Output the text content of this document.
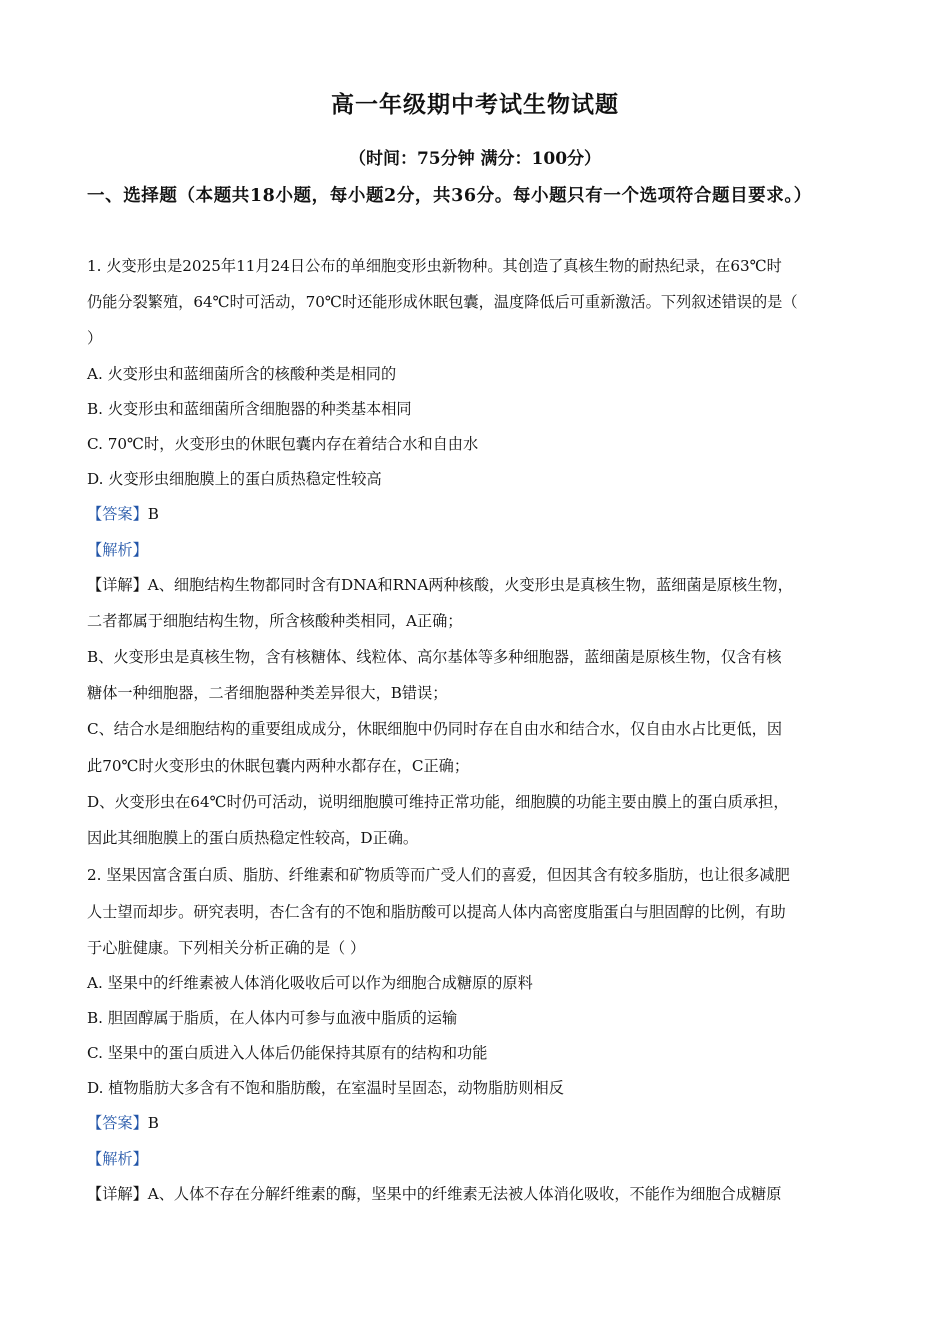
高一年级期中考试生物试题
（时间：75分钟 满分：100分）
一、选择题（本题共18小题，每小题2分，共36分。每小题只有一个选项符合题目要求。）
1. 火变形虫是2025年11月24日公布的单细胞变形虫新物种。其创造了真核生物的耐热纪录，在63℃时
仍能分裂繁殖，64℃时可活动，70℃时还能形成休眠包囊，温度降低后可重新激活。下列叙述错误的是（
）
A. 火变形虫和蓝细菌所含的核酸种类是相同的
B. 火变形虫和蓝细菌所含细胞器的种类基本相同
C. 70℃时，火变形虫的休眠包囊内存在着结合水和自由水
D. 火变形虫细胞膜上的蛋白质热稳定性较高
【答案】B
【解析】
【详解】A、细胞结构生物都同时含有DNA和RNA两种核酸，火变形虫是真核生物，蓝细菌是原核生物，
二者都属于细胞结构生物，所含核酸种类相同，A正确；
B、火变形虫是真核生物，含有核糖体、线粒体、高尔基体等多种细胞器，蓝细菌是原核生物，仅含有核
糖体一种细胞器，二者细胞器种类差异很大，B错误；
C、结合水是细胞结构的重要组成成分，休眠细胞中仍同时存在自由水和结合水，仅自由水占比更低，因
此70℃时火变形虫的休眠包囊内两种水都存在，C正确；
D、火变形虫在64℃时仍可活动，说明细胞膜可维持正常功能，细胞膜的功能主要由膜上的蛋白质承担，
因此其细胞膜上的蛋白质热稳定性较高，D正确。
2. 坚果因富含蛋白质、脂肪、纤维素和矿物质等而广受人们的喜爱，但因其含有较多脂肪，也让很多减肥
人士望而却步。研究表明，杏仁含有的不饱和脂肪酸可以提高人体内高密度脂蛋白与胆固醇的比例，有助
于心脏健康。下列相关分析正确的是（ ）
A. 坚果中的纤维素被人体消化吸收后可以作为细胞合成糖原的原料
B. 胆固醇属于脂质，在人体内可参与血液中脂质的运输
C. 坚果中的蛋白质进入人体后仍能保持其原有的结构和功能
D. 植物脂肪大多含有不饱和脂肪酸，在室温时呈固态，动物脂肪则相反
【答案】B
【解析】
【详解】A、人体不存在分解纤维素的酶，坚果中的纤维素无法被人体消化吸收，不能作为细胞合成糖原
